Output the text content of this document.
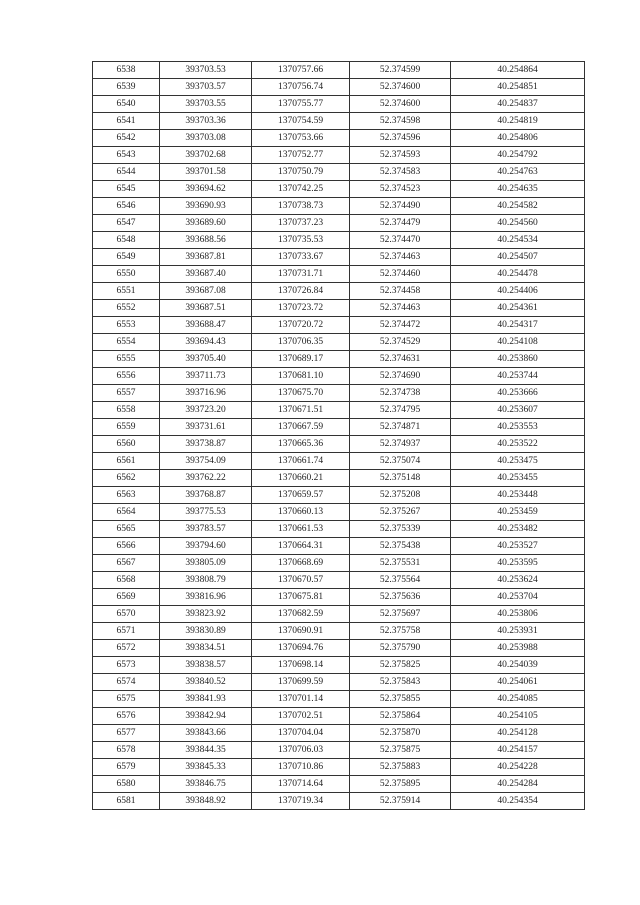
6538	393703.53	1370757.66	52.374599	40.254864
6539	393703.57	1370756.74	52.374600	40.254851
6540	393703.55	1370755.77	52.374600	40.254837
6541	393703.36	1370754.59	52.374598	40.254819
6542	393703.08	1370753.66	52.374596	40.254806
6543	393702.68	1370752.77	52.374593	40.254792
6544	393701.58	1370750.79	52.374583	40.254763
6545	393694.62	1370742.25	52.374523	40.254635
6546	393690.93	1370738.73	52.374490	40.254582
6547	393689.60	1370737.23	52.374479	40.254560
6548	393688.56	1370735.53	52.374470	40.254534
6549	393687.81	1370733.67	52.374463	40.254507
6550	393687.40	1370731.71	52.374460	40.254478
6551	393687.08	1370726.84	52.374458	40.254406
6552	393687.51	1370723.72	52.374463	40.254361
6553	393688.47	1370720.72	52.374472	40.254317
6554	393694.43	1370706.35	52.374529	40.254108
6555	393705.40	1370689.17	52.374631	40.253860
6556	393711.73	1370681.10	52.374690	40.253744
6557	393716.96	1370675.70	52.374738	40.253666
6558	393723.20	1370671.51	52.374795	40.253607
6559	393731.61	1370667.59	52.374871	40.253553
6560	393738.87	1370665.36	52.374937	40.253522
6561	393754.09	1370661.74	52.375074	40.253475
6562	393762.22	1370660.21	52.375148	40.253455
6563	393768.87	1370659.57	52.375208	40.253448
6564	393775.53	1370660.13	52.375267	40.253459
6565	393783.57	1370661.53	52.375339	40.253482
6566	393794.60	1370664.31	52.375438	40.253527
6567	393805.09	1370668.69	52.375531	40.253595
6568	393808.79	1370670.57	52.375564	40.253624
6569	393816.96	1370675.81	52.375636	40.253704
6570	393823.92	1370682.59	52.375697	40.253806
6571	393830.89	1370690.91	52.375758	40.253931
6572	393834.51	1370694.76	52.375790	40.253988
6573	393838.57	1370698.14	52.375825	40.254039
6574	393840.52	1370699.59	52.375843	40.254061
6575	393841.93	1370701.14	52.375855	40.254085
6576	393842.94	1370702.51	52.375864	40.254105
6577	393843.66	1370704.04	52.375870	40.254128
6578	393844.35	1370706.03	52.375875	40.254157
6579	393845.33	1370710.86	52.375883	40.254228
6580	393846.75	1370714.64	52.375895	40.254284
6581	393848.92	1370719.34	52.375914	40.254354
